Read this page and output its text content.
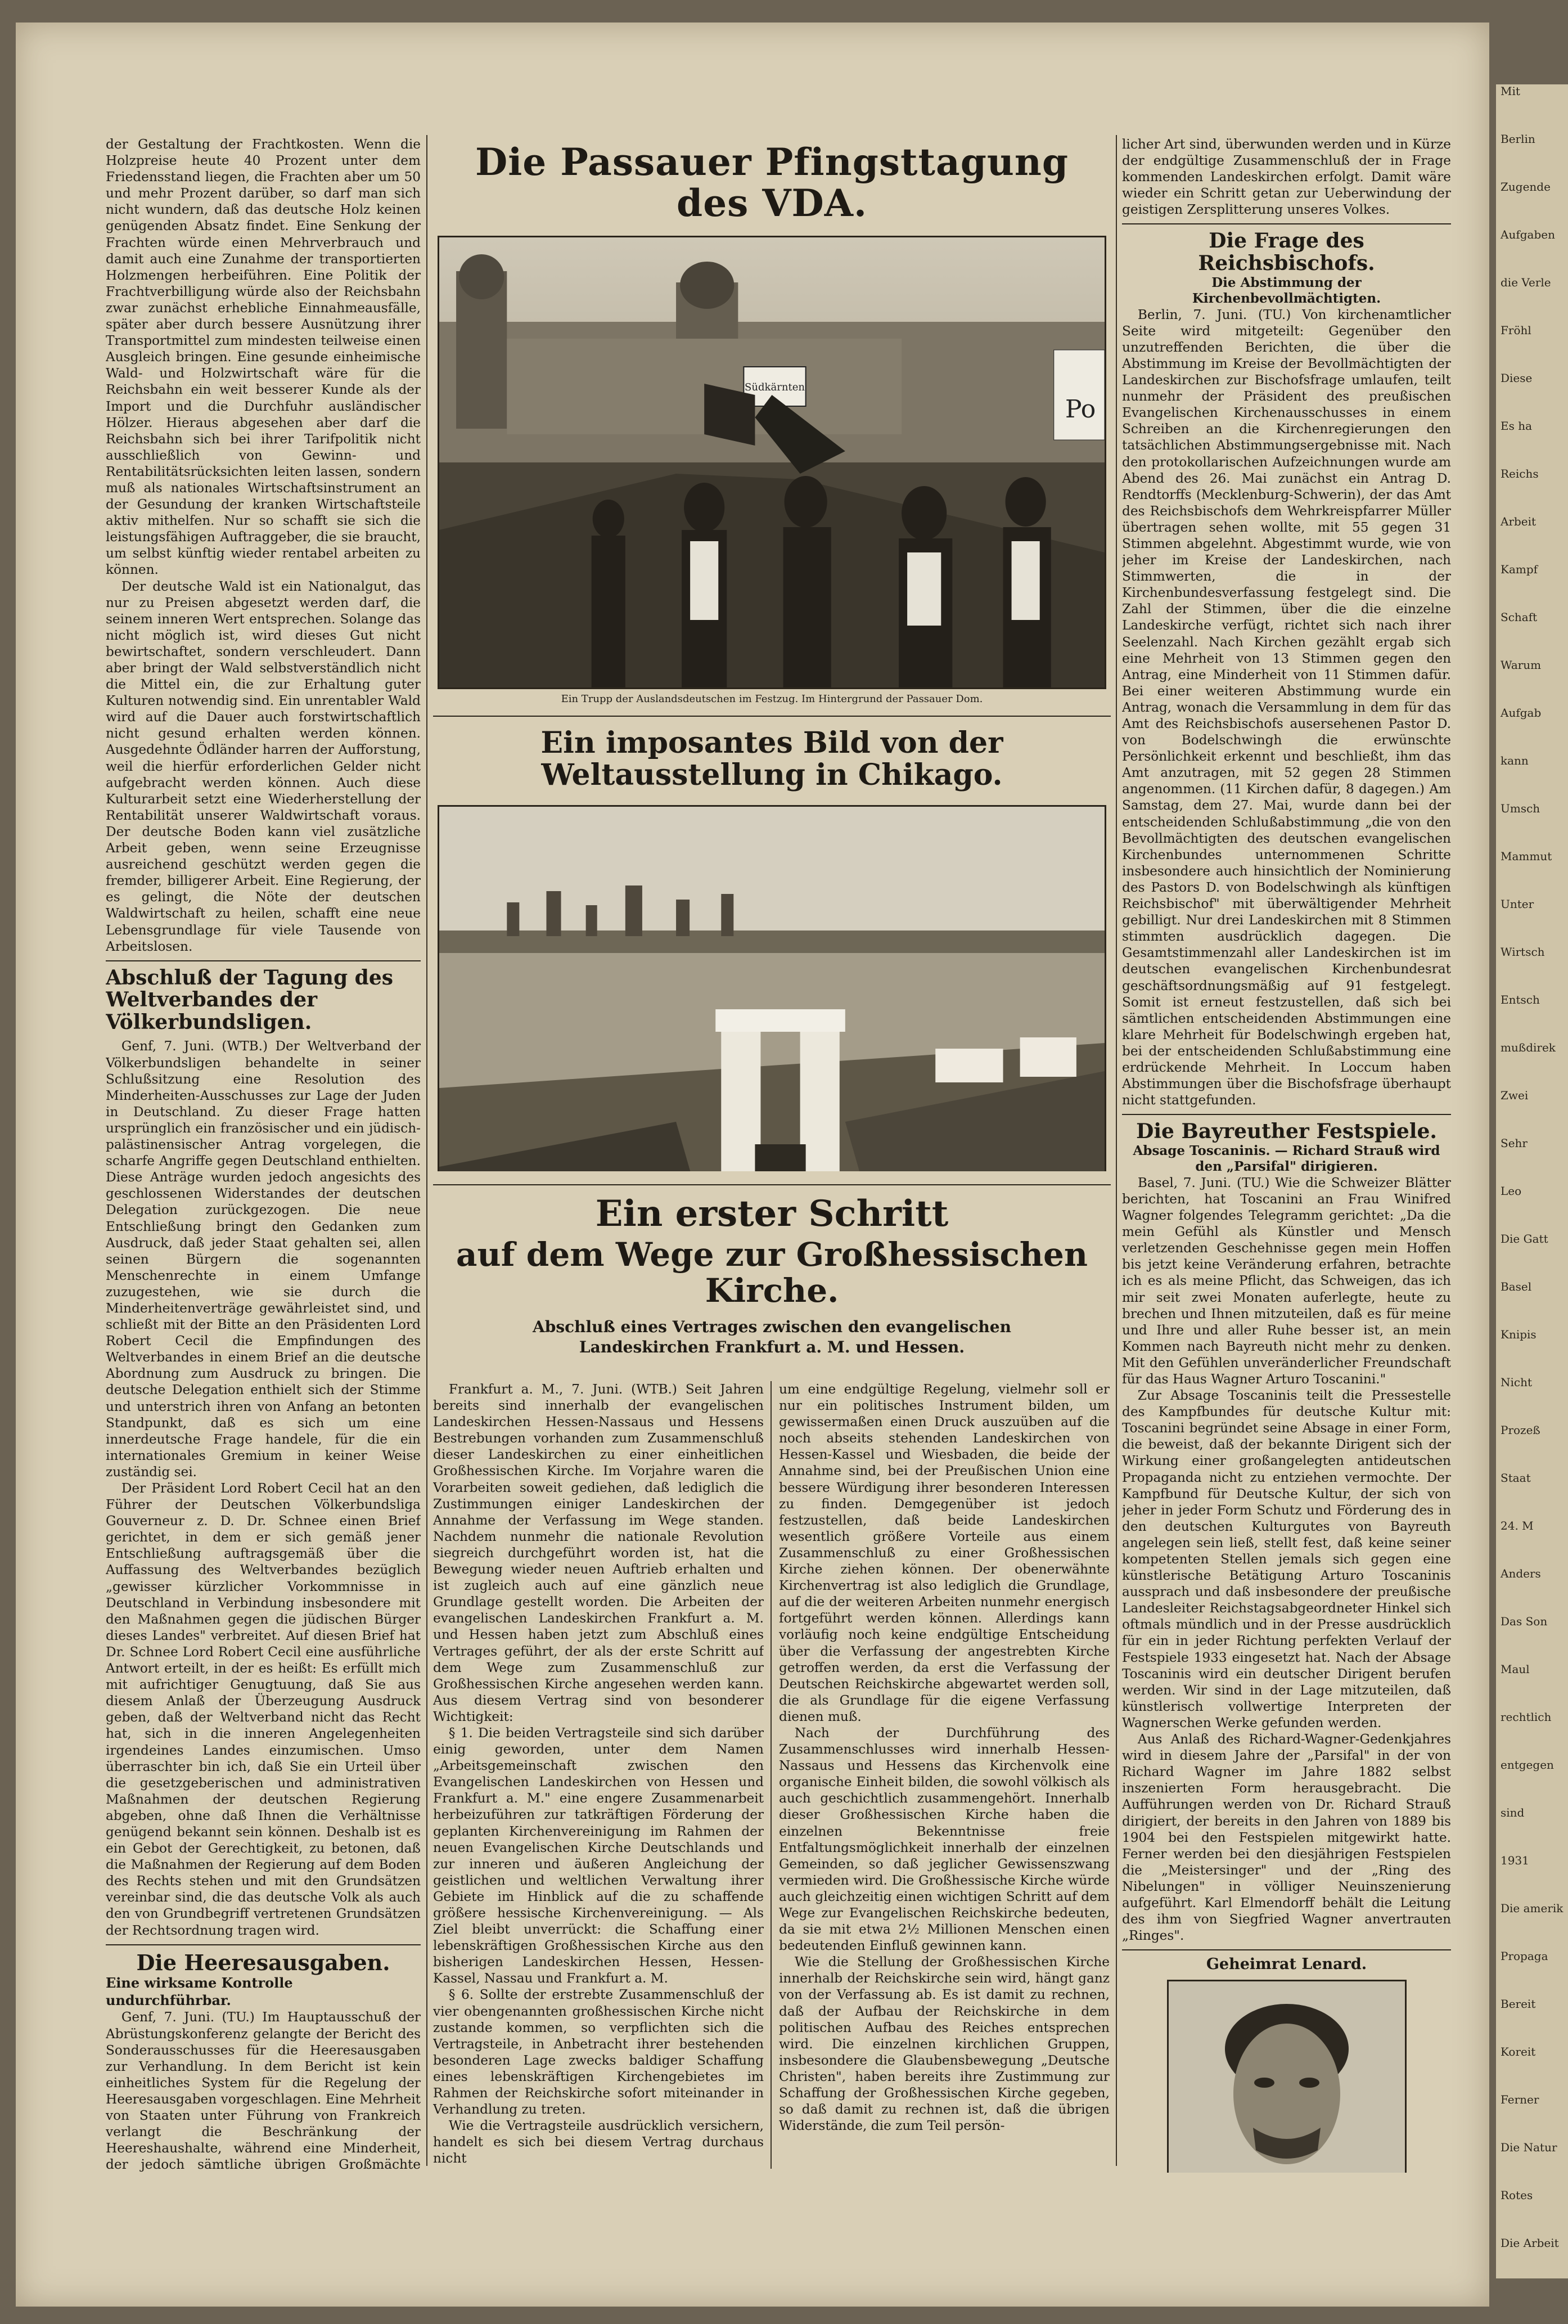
Mit
Berlin
Zugende
Aufgaben
die Verle
Fröhl
Diese
Es ha
Reichs
Arbeit
Kampf
Schaft
Warum
Aufgab
kann
Umsch
Mammut
Unter
Wirtsch
Entsch
mußdirek
Zwei
Sehr
Leo
Die Gatt
Basel
Knipis
Nicht
Prozeß
Staat
24. M
Anders
Das Son
Maul
rechtlich
entgegen
sind
1931
Die amerik
Propaga
Bereit
Koreit
Ferner
Die Natur
Rotes
Die Arbeit

der Gestaltung der Frachtkosten. Wenn die Holzpreise heute 40 Prozent unter dem Friedensstand liegen, die Frachten aber um 50 und mehr Prozent darüber, so darf man sich nicht wundern, daß das deutsche Holz keinen genügenden Absatz findet. Eine Senkung der Frachten würde einen Mehrverbrauch und damit auch eine Zunahme der transportierten Holzmengen herbeiführen. Eine Politik der Frachtverbilligung würde also der Reichsbahn zwar zunächst erhebliche Einnahmeausfälle, später aber durch bessere Ausnützung ihrer Transportmittel zum mindesten teilweise einen Ausgleich bringen. Eine gesunde einheimische Wald- und Holzwirtschaft wäre für die Reichsbahn ein weit besserer Kunde als der Import und die Durchfuhr ausländischer Hölzer. Hieraus abgesehen aber darf die Reichsbahn sich bei ihrer Tarifpolitik nicht ausschließlich von Gewinn- und Rentabilitätsrücksichten leiten lassen, sondern muß als nationales Wirtschaftsinstrument an der Gesundung der kranken Wirtschaftsteile aktiv mithelfen. Nur so schafft sie sich die leistungsfähigen Auftraggeber, die sie braucht, um selbst künftig wieder rentabel arbeiten zu können.

Der deutsche Wald ist ein Nationalgut, das nur zu Preisen abgesetzt werden darf, die seinem inneren Wert entsprechen. Solange das nicht möglich ist, wird dieses Gut nicht bewirtschaftet, sondern verschleudert. Dann aber bringt der Wald selbstverständlich nicht die Mittel ein, die zur Erhaltung guter Kulturen notwendig sind. Ein unrentabler Wald wird auf die Dauer auch forstwirtschaftlich nicht gesund erhalten werden können. Ausgedehnte Ödländer harren der Aufforstung, weil die hierfür erforderlichen Gelder nicht aufgebracht werden können. Auch diese Kulturarbeit setzt eine Wiederherstellung der Rentabilität unserer Waldwirtschaft voraus. Der deutsche Boden kann viel zusätzliche Arbeit geben, wenn seine Erzeugnisse ausreichend geschützt werden gegen die fremder, billigerer Arbeit. Eine Regierung, der es gelingt, die Nöte der deutschen Waldwirtschaft zu heilen, schafft eine neue Lebensgrundlage für viele Tausende von Arbeitslosen.

Abschluß der Tagung des Weltverbandes der Völkerbundsligen.

Genf, 7. Juni. (WTB.) Der Weltverband der Völkerbundsligen behandelte in seiner Schlußsitzung eine Resolution des Minderheiten-Ausschusses zur Lage der Juden in Deutschland. Zu dieser Frage hatten ursprünglich ein französischer und ein jüdisch-palästinensischer Antrag vorgelegen, die scharfe Angriffe gegen Deutschland enthielten. Diese Anträge wurden jedoch angesichts des geschlossenen Widerstandes der deutschen Delegation zurückgezogen. Die neue Entschließung bringt den Gedanken zum Ausdruck, daß jeder Staat gehalten sei, allen seinen Bürgern die sogenannten Menschenrechte in einem Umfange zuzugestehen, wie sie durch die Minderheitenverträge gewährleistet sind, und schließt mit der Bitte an den Präsidenten Lord Robert Cecil die Empfindungen des Weltverbandes in einem Brief an die deutsche Abordnung zum Ausdruck zu bringen. Die deutsche Delegation enthielt sich der Stimme und unterstrich ihren von Anfang an betonten Standpunkt, daß es sich um eine innerdeutsche Frage handele, für die ein internationales Gremium in keiner Weise zuständig sei.

Der Präsident Lord Robert Cecil hat an den Führer der Deutschen Völkerbundsliga Gouverneur z. D. Dr. Schnee einen Brief gerichtet, in dem er sich gemäß jener Entschließung auftragsgemäß über die Auffassung des Weltverbandes bezüglich „gewisser kürzlicher Vorkommnisse in Deutschland in Verbindung insbesondere mit den Maßnahmen gegen die jüdischen Bürger dieses Landes" verbreitet. Auf diesen Brief hat Dr. Schnee Lord Robert Cecil eine ausführliche Antwort erteilt, in der es heißt: Es erfüllt mich mit aufrichtiger Genugtuung, daß Sie aus diesem Anlaß der Überzeugung Ausdruck geben, daß der Weltverband nicht das Recht hat, sich in die inneren Angelegenheiten irgendeines Landes einzumischen. Umso überraschter bin ich, daß Sie ein Urteil über die gesetzgeberischen und administrativen Maßnahmen der deutschen Regierung abgeben, ohne daß Ihnen die Verhältnisse genügend bekannt sein können. Deshalb ist es ein Gebot der Gerechtigkeit, zu betonen, daß die Maßnahmen der Regierung auf dem Boden des Rechts stehen und mit den Grundsätzen vereinbar sind, die das deutsche Volk als auch den von Grundbegriff vertretenen Grundsätzen der Rechtsordnung tragen wird.

Die Heeresausgaben.

Eine wirksame Kontrolle undurchführbar.

Genf, 7. Juni. (TU.) Im Hauptausschuß der Abrüstungskonferenz gelangte der Bericht des Sonderausschusses für die Heeresausgaben zur Verhandlung. In dem Bericht ist kein einheitliches System für die Regelung der Heeresausgaben vorgeschlagen. Eine Mehrheit von Staaten unter Führung von Frankreich verlangt die Beschränkung der Heereshaushalte, während eine Minderheit, der jedoch sämtliche übrigen Großmächte

Die Passauer Pfingsttagung des VDA.
Südkärnten
Po

Ein Trupp der Auslandsdeutschen im Festzug. Im Hintergrund der Passauer Dom.

Ein imposantes Bild von der Weltausstellung in Chikago.

Ein erster Schritt
auf dem Wege zur Großhessischen Kirche.

Abschluß eines Vertrages zwischen den evangelischen Landeskirchen Frankfurt a. M. und Hessen.

Frankfurt a. M., 7. Juni. (WTB.) Seit Jahren bereits sind innerhalb der evangelischen Landeskirchen Hessen-Nassaus und Hessens Bestrebungen vorhanden zum Zusammenschluß dieser Landeskirchen zu einer einheitlichen Großhessischen Kirche. Im Vorjahre waren die Vorarbeiten soweit gediehen, daß lediglich die Zustimmungen einiger Landeskirchen der Annahme der Verfassung im Wege standen. Nachdem nunmehr die nationale Revolution siegreich durchgeführt worden ist, hat die Bewegung wieder neuen Auftrieb erhalten und ist zugleich auch auf eine gänzlich neue Grundlage gestellt worden. Die Arbeiten der evangelischen Landeskirchen Frankfurt a. M. und Hessen haben jetzt zum Abschluß eines Vertrages geführt, der als der erste Schritt auf dem Wege zum Zusammenschluß zur Großhessischen Kirche angesehen werden kann. Aus diesem Vertrag sind von besonderer Wichtigkeit:

§ 1. Die beiden Vertragsteile sind sich darüber einig geworden, unter dem Namen „Arbeitsgemeinschaft zwischen den Evangelischen Landeskirchen von Hessen und Frankfurt a. M." eine engere Zusammenarbeit herbeizuführen zur tatkräftigen Förderung der geplanten Kirchenvereinigung im Rahmen der neuen Evangelischen Kirche Deutschlands und zur inneren und äußeren Angleichung der geistlichen und weltlichen Verwaltung ihrer Gebiete im Hinblick auf die zu schaffende größere hessische Kirchenvereinigung. — Als Ziel bleibt unverrückt: die Schaffung einer lebenskräftigen Großhessischen Kirche aus den bisherigen Landeskirchen Hessen, Hessen-Kassel, Nassau und Frankfurt a. M.

§ 6. Sollte der erstrebte Zusammenschluß der vier obengenannten großhessischen Kirche nicht zustande kommen, so verpflichten sich die Vertragsteile, in Anbetracht ihrer bestehenden besonderen Lage zwecks baldiger Schaffung eines lebenskräftigen Kirchengebietes im Rahmen der Reichskirche sofort miteinander in Verhandlung zu treten.

Wie die Vertragsteile ausdrücklich versichern, handelt es sich bei diesem Vertrag durchaus nicht

um eine endgültige Regelung, vielmehr soll er nur ein politisches Instrument bilden, um gewissermaßen einen Druck auszuüben auf die noch abseits stehenden Landeskirchen von Hessen-Kassel und Wiesbaden, die beide der Annahme sind, bei der Preußischen Union eine bessere Würdigung ihrer besonderen Interessen zu finden. Demgegenüber ist jedoch festzustellen, daß beide Landeskirchen wesentlich größere Vorteile aus einem Zusammenschluß zu einer Großhessischen Kirche ziehen können. Der obenerwähnte Kirchenvertrag ist also lediglich die Grundlage, auf die der weiteren Arbeiten nunmehr energisch fortgeführt werden können. Allerdings kann vorläufig noch keine endgültige Entscheidung über die Verfassung der angestrebten Kirche getroffen werden, da erst die Verfassung der Deutschen Reichskirche abgewartet werden soll, die als Grundlage für die eigene Verfassung dienen muß.

Nach der Durchführung des Zusammenschlusses wird innerhalb Hessen-Nassaus und Hessens das Kirchenvolk eine organische Einheit bilden, die sowohl völkisch als auch geschichtlich zusammengehört. Innerhalb dieser Großhessischen Kirche haben die einzelnen Bekenntnisse freie Entfaltungsmöglichkeit innerhalb der einzelnen Gemeinden, so daß jeglicher Gewissenszwang vermieden wird. Die Großhessische Kirche würde auch gleichzeitig einen wichtigen Schritt auf dem Wege zur Evangelischen Reichskirche bedeuten, da sie mit etwa 2½ Millionen Menschen einen bedeutenden Einfluß gewinnen kann.

Wie die Stellung der Großhessischen Kirche innerhalb der Reichskirche sein wird, hängt ganz von der Verfassung ab. Es ist damit zu rechnen, daß der Aufbau der Reichskirche in dem politischen Aufbau des Reiches entsprechen wird. Die einzelnen kirchlichen Gruppen, insbesondere die Glaubensbewegung „Deutsche Christen", haben bereits ihre Zustimmung zur Schaffung der Großhessischen Kirche gegeben, so daß damit zu rechnen ist, daß die übrigen Widerstände, die zum Teil persön-

licher Art sind, überwunden werden und in Kürze der endgültige Zusammenschluß der in Frage kommenden Landeskirchen erfolgt. Damit wäre wieder ein Schritt getan zur Ueberwindung der geistigen Zersplitterung unseres Volkes.

Die Frage des Reichsbischofs.

Die Abstimmung der Kirchenbevollmächtigten.

Berlin, 7. Juni. (TU.) Von kirchenamtlicher Seite wird mitgeteilt: Gegenüber den unzutreffenden Berichten, die über die Abstimmung im Kreise der Bevollmächtigten der Landeskirchen zur Bischofsfrage umlaufen, teilt nunmehr der Präsident des preußischen Evangelischen Kirchenausschusses in einem Schreiben an die Kirchenregierungen den tatsächlichen Abstimmungsergebnisse mit. Nach den protokollarischen Aufzeichnungen wurde am Abend des 26. Mai zunächst ein Antrag D. Rendtorffs (Mecklenburg-Schwerin), der das Amt des Reichsbischofs dem Wehrkreispfarrer Müller übertragen sehen wollte, mit 55 gegen 31 Stimmen abgelehnt. Abgestimmt wurde, wie von jeher im Kreise der Landeskirchen, nach Stimmwerten, die in der Kirchenbundesverfassung festgelegt sind. Die Zahl der Stimmen, über die die einzelne Landeskirche verfügt, richtet sich nach ihrer Seelenzahl. Nach Kirchen gezählt ergab sich eine Mehrheit von 13 Stimmen gegen den Antrag, eine Minderheit von 11 Stimmen dafür. Bei einer weiteren Abstimmung wurde ein Antrag, wonach die Versammlung in dem für das Amt des Reichsbischofs ausersehenen Pastor D. von Bodelschwingh die erwünschte Persönlichkeit erkennt und beschließt, ihm das Amt anzutragen, mit 52 gegen 28 Stimmen angenommen. (11 Kirchen dafür, 8 dagegen.) Am Samstag, dem 27. Mai, wurde dann bei der entscheidenden Schlußabstimmung „die von den Bevollmächtigten des deutschen evangelischen Kirchenbundes unternommenen Schritte insbesondere auch hinsichtlich der Nominierung des Pastors D. von Bodelschwingh als künftigen Reichsbischof" mit überwältigender Mehrheit gebilligt. Nur drei Landeskirchen mit 8 Stimmen stimmten ausdrücklich dagegen. Die Gesamtstimmenzahl aller Landeskirchen ist im deutschen evangelischen Kirchenbundesrat geschäftsordnungsmäßig auf 91 festgelegt. Somit ist erneut festzustellen, daß sich bei sämtlichen entscheidenden Abstimmungen eine klare Mehrheit für Bodelschwingh ergeben hat, bei der entscheidenden Schlußabstimmung eine erdrückende Mehrheit. In Loccum haben Abstimmungen über die Bischofsfrage überhaupt nicht stattgefunden.

Die Bayreuther Festspiele.

Absage Toscaninis. — Richard Strauß wird den „Parsifal" dirigieren.

Basel, 7. Juni. (TU.) Wie die Schweizer Blätter berichten, hat Toscanini an Frau Winifred Wagner folgendes Telegramm gerichtet: „Da die mein Gefühl als Künstler und Mensch verletzenden Geschehnisse gegen mein Hoffen bis jetzt keine Veränderung erfahren, betrachte ich es als meine Pflicht, das Schweigen, das ich mir seit zwei Monaten auferlegte, heute zu brechen und Ihnen mitzuteilen, daß es für meine und Ihre und aller Ruhe besser ist, an mein Kommen nach Bayreuth nicht mehr zu denken. Mit den Gefühlen unveränderlicher Freundschaft für das Haus Wagner Arturo Toscanini."

Zur Absage Toscaninis teilt die Pressestelle des Kampfbundes für deutsche Kultur mit: Toscanini begründet seine Absage in einer Form, die beweist, daß der bekannte Dirigent sich der Wirkung einer großangelegten antideutschen Propaganda nicht zu entziehen vermochte. Der Kampfbund für Deutsche Kultur, der sich von jeher in jeder Form Schutz und Förderung des in den deutschen Kulturgutes von Bayreuth angelegen sein ließ, stellt fest, daß keine seiner kompetenten Stellen jemals sich gegen eine künstlerische Betätigung Arturo Toscaninis aussprach und daß insbesondere der preußische Landesleiter Reichstagsabgeordneter Hinkel sich oftmals mündlich und in der Presse ausdrücklich für ein in jeder Richtung perfekten Verlauf der Festspiele 1933 eingesetzt hat. Nach der Absage Toscaninis wird ein deutscher Dirigent berufen werden. Wir sind in der Lage mitzuteilen, daß künstlerisch vollwertige Interpreten der Wagnerschen Werke gefunden werden.

Aus Anlaß des Richard-Wagner-Gedenkjahres wird in diesem Jahre der „Parsifal" in der von Richard Wagner im Jahre 1882 selbst inszenierten Form herausgebracht. Die Aufführungen werden von Dr. Richard Strauß dirigiert, der bereits in den Jahren von 1889 bis 1904 bei den Festspielen mitgewirkt hatte. Ferner werden bei den diesjährigen Festspielen die „Meistersinger" und der „Ring des Nibelungen" in völliger Neuinszenierung aufgeführt. Karl Elmendorff behält die Leitung des ihm von Siegfried Wagner anvertrauten „Ringes".

Geheimrat Lenard.
